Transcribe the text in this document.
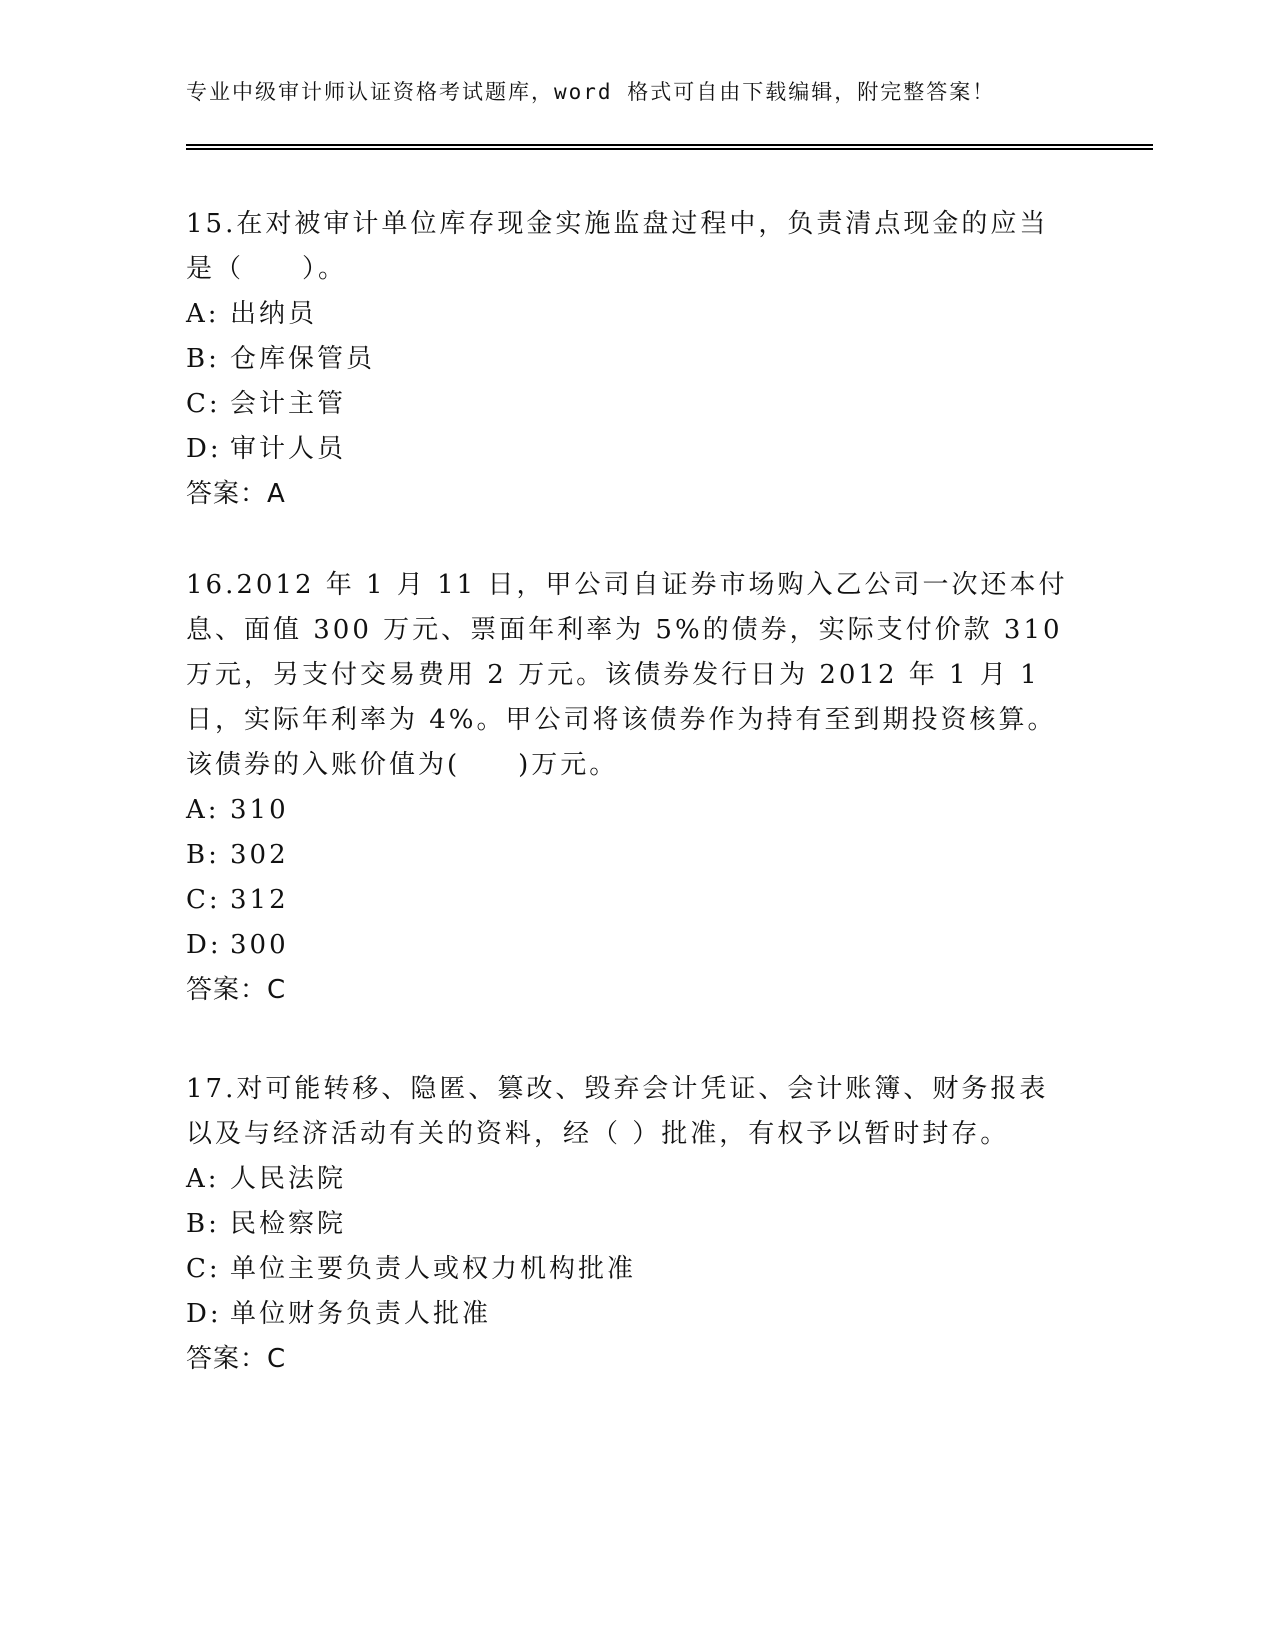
专业中级审计师认证资格考试题库，word 格式可自由下载编辑，附完整答案！

15.在对被审计单位库存现金实施监盘过程中，负责清点现金的应当是（　　）。

A: 出纳员

B: 仓库保管员

C: 会计主管

D: 审计人员

答案：A

16.2012 年 1 月 11 日，甲公司自证券市场购入乙公司一次还本付息、面值 300 万元、票面年利率为 5%的债券，实际支付价款 310 万元，另支付交易费用 2 万元。该债券发行日为 2012 年 1 月 1 日，实际年利率为 4%。甲公司将该债券作为持有至到期投资核算。该债券的入账价值为(　　)万元。

A: 310

B: 302

C: 312

D: 300

答案：C

17.对可能转移、隐匿、篡改、毁弃会计凭证、会计账簿、财务报表以及与经济活动有关的资料，经（ ）批准，有权予以暂时封存。

A: 人民法院

B: 民检察院

C: 单位主要负责人或权力机构批准

D: 单位财务负责人批准

答案：C
